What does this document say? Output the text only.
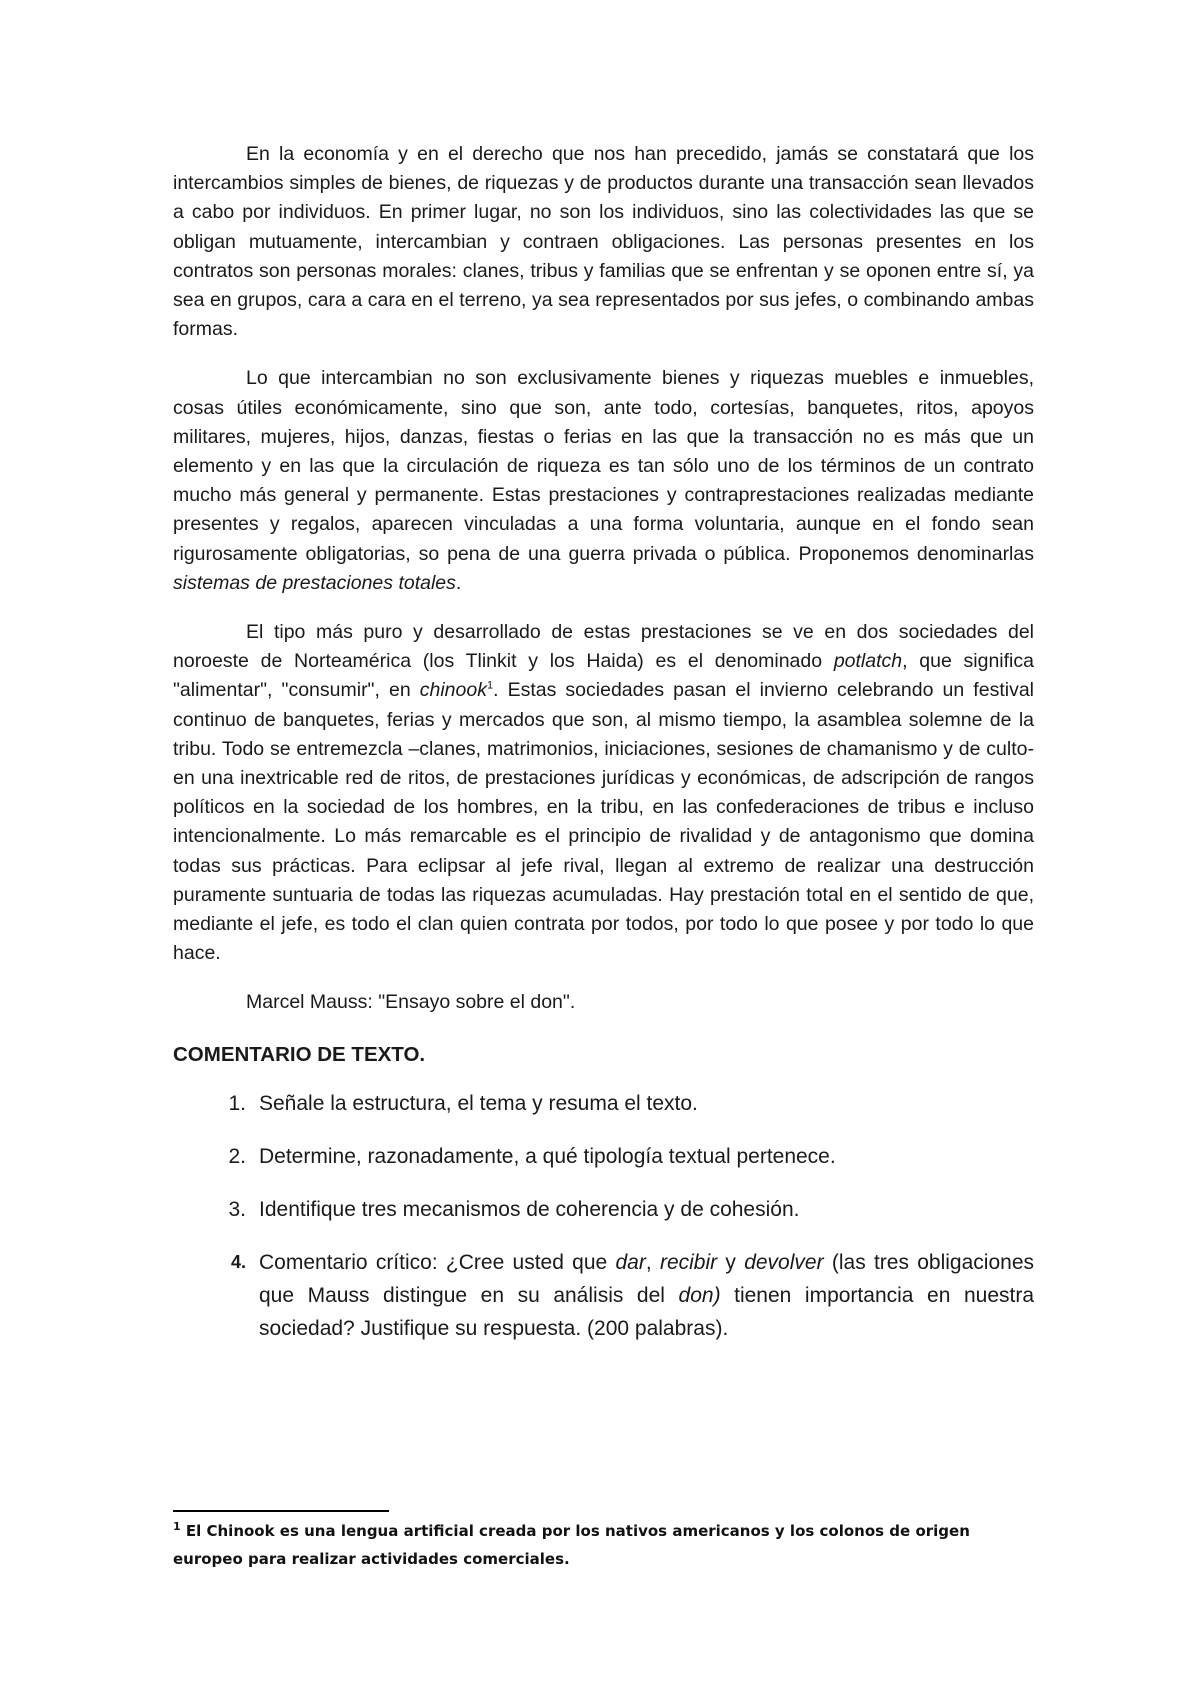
En la economía y en el derecho que nos han precedido, jamás se constatará que los intercambios simples de bienes, de riquezas y de productos durante una transacción sean llevados a cabo por individuos. En primer lugar, no son los individuos, sino las colectividades las que se obligan mutuamente, intercambian y contraen obligaciones. Las personas presentes en los contratos son personas morales: clanes, tribus y familias que se enfrentan y se oponen entre sí, ya sea en grupos, cara a cara en el terreno, ya sea representados por sus jefes, o combinando ambas formas.

Lo que intercambian no son exclusivamente bienes y riquezas muebles e inmuebles, cosas útiles económicamente, sino que son, ante todo, cortesías, banquetes, ritos, apoyos militares, mujeres, hijos, danzas, fiestas o ferias en las que la transacción no es más que un elemento y en las que la circulación de riqueza es tan sólo uno de los términos de un contrato mucho más general y permanente. Estas prestaciones y contraprestaciones realizadas mediante presentes y regalos, aparecen vinculadas a una forma voluntaria, aunque en el fondo sean rigurosamente obligatorias, so pena de una guerra privada o pública. Proponemos denominarlas sistemas de prestaciones totales.

El tipo más puro y desarrollado de estas prestaciones se ve en dos sociedades del noroeste de Norteamérica (los Tlinkit y los Haida) es el denominado potlatch, que significa "alimentar", "consumir", en chinook$^1$. Estas sociedades pasan el invierno celebrando un festival continuo de banquetes, ferias y mercados que son, al mismo tiempo, la asamblea solemne de la tribu. Todo se entremezcla –clanes, matrimonios, iniciaciones, sesiones de chamanismo y de culto- en una inextricable red de ritos, de prestaciones jurídicas y económicas, de adscripción de rangos políticos en la sociedad de los hombres, en la tribu, en las confederaciones de tribus e incluso intencionalmente. Lo más remarcable es el principio de rivalidad y de antagonismo que domina todas sus prácticas. Para eclipsar al jefe rival, llegan al extremo de realizar una destrucción puramente suntuaria de todas las riquezas acumuladas. Hay prestación total en el sentido de que, mediante el jefe, es todo el clan quien contrata por todos, por todo lo que posee y por todo lo que hace.

Marcel Mauss: "Ensayo sobre el don".

COMENTARIO DE TEXTO.

1. Señale la estructura, el tema y resuma el texto.
2. Determine, razonadamente, a qué tipología textual pertenece.
3. Identifique tres mecanismos de coherencia y de cohesión.
4. Comentario crítico: ¿Cree usted que dar, recibir y devolver (las tres obligaciones que Mauss distingue en su análisis del don) tienen importancia en nuestra sociedad? Justifique su respuesta. (200 palabras).
$^1$ El Chinook es una lengua artificial creada por los nativos americanos y los colonos de origen europeo para realizar actividades comerciales.
